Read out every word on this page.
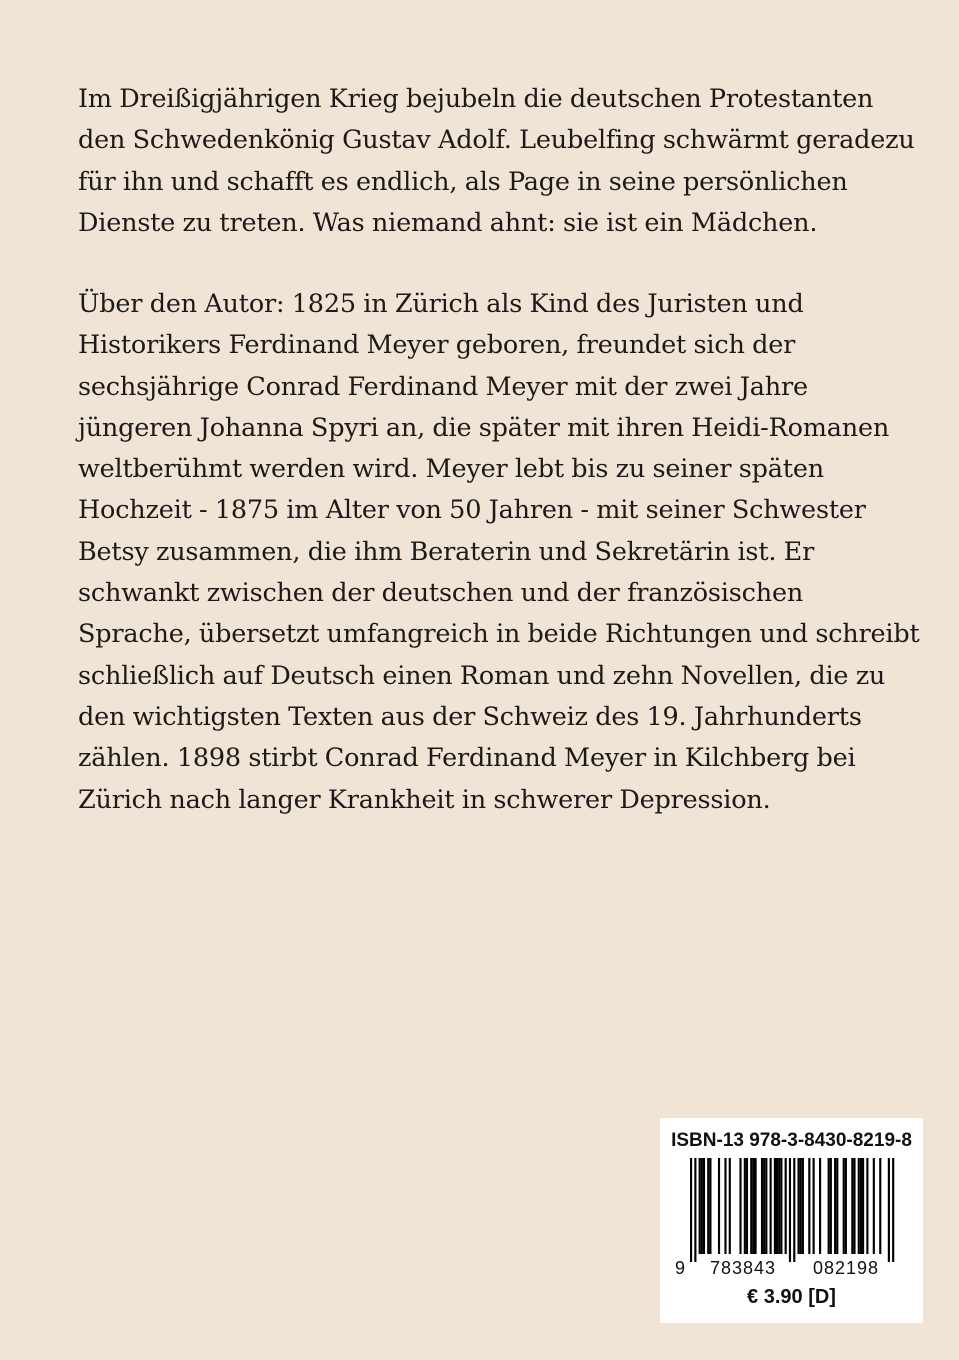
Im Dreißigjährigen Krieg bejubeln die deutschen Protestanten
den Schwedenkönig Gustav Adolf. Leubelfing schwärmt geradezu
für ihn und schafft es endlich, als Page in seine persönlichen
Dienste zu treten. Was niemand ahnt: sie ist ein Mädchen.

Über den Autor: 1825 in Zürich als Kind des Juristen und
Historikers Ferdinand Meyer geboren, freundet sich der
sechsjährige Conrad Ferdinand Meyer mit der zwei Jahre
jüngeren Johanna Spyri an, die später mit ihren Heidi-Romanen
weltberühmt werden wird. Meyer lebt bis zu seiner späten
Hochzeit - 1875 im Alter von 50 Jahren - mit seiner Schwester
Betsy zusammen, die ihm Beraterin und Sekretärin ist. Er
schwankt zwischen der deutschen und der französischen
Sprache, übersetzt umfangreich in beide Richtungen und schreibt
schließlich auf Deutsch einen Roman und zehn Novellen, die zu
den wichtigsten Texten aus der Schweiz des 19. Jahrhunderts
zählen. 1898 stirbt Conrad Ferdinand Meyer in Kilchberg bei
Zürich nach langer Krankheit in schwerer Depression.

ISBN-13 978-3-8430-8219-8
9 783843 082198
€ 3.90 [D]
